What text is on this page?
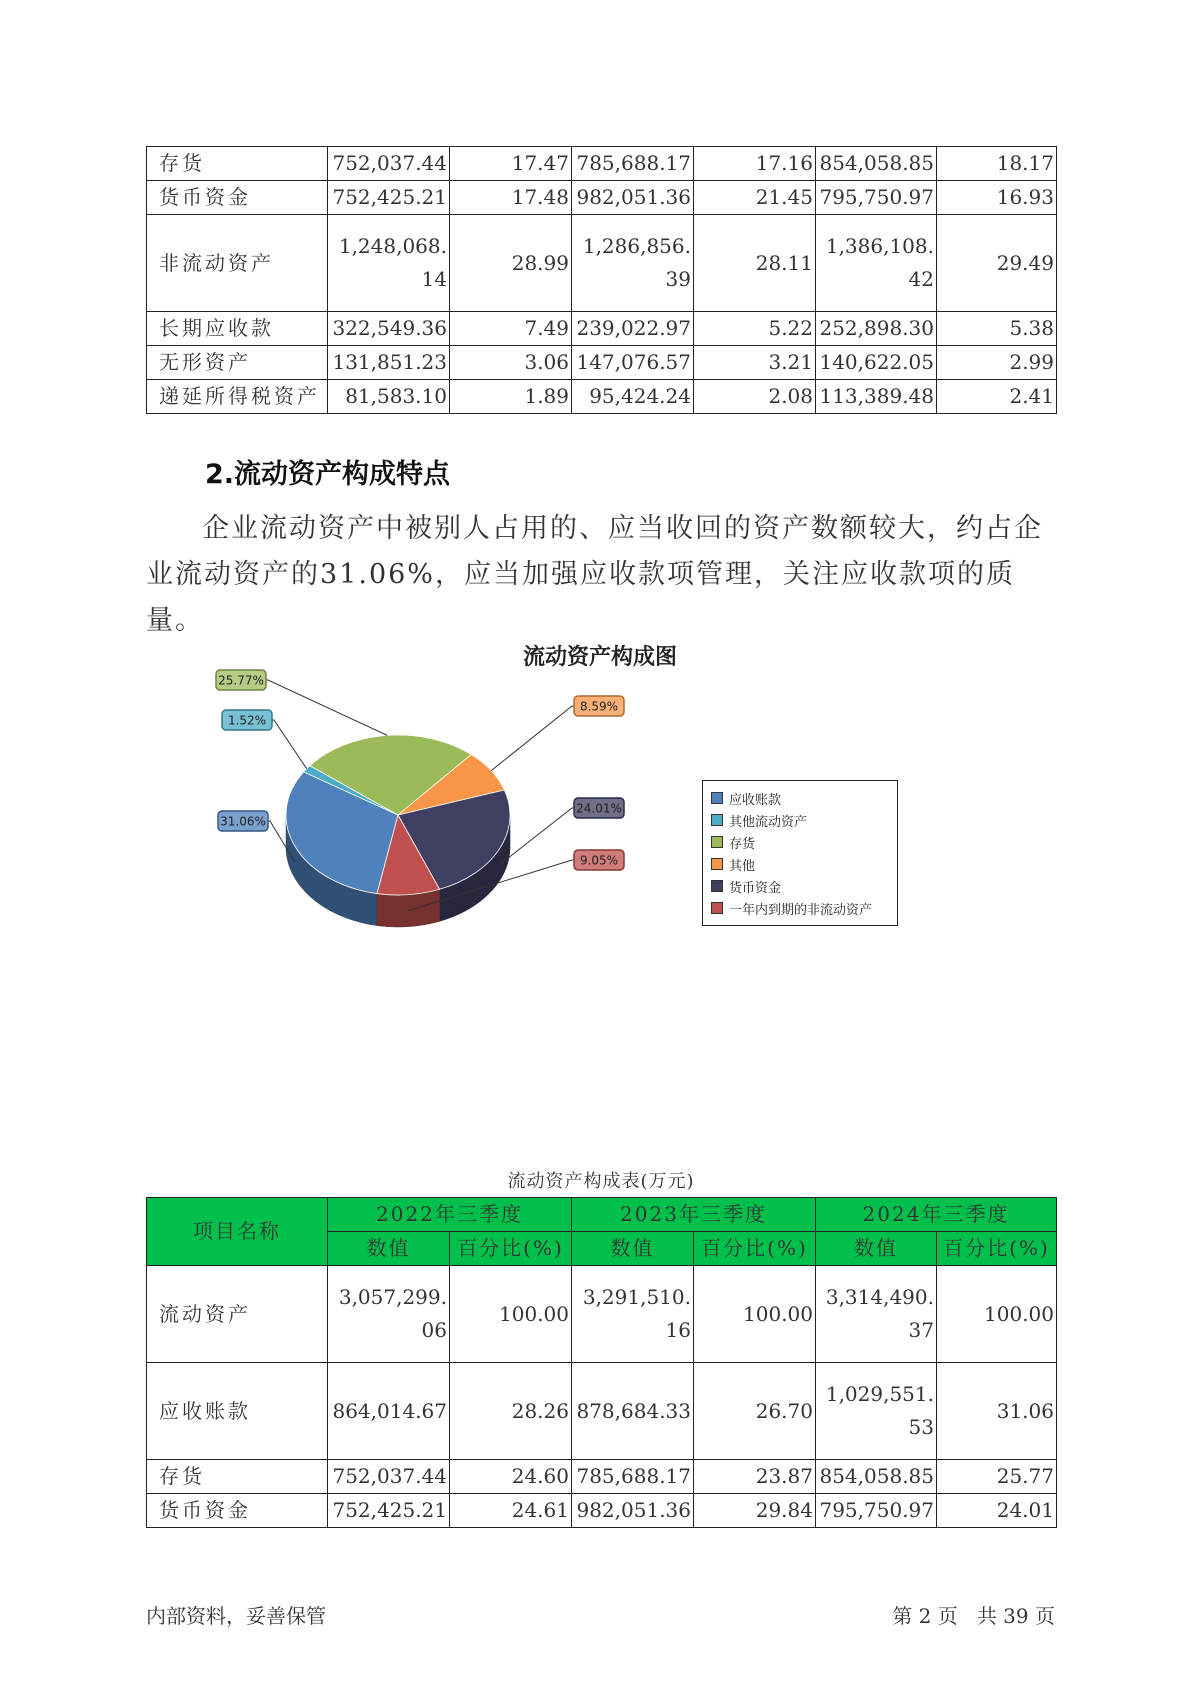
存货	752,037.44	17.47	785,688.17	17.16	854,058.85	18.17
货币资金	752,425.21	17.48	982,051.36	21.45	795,750.97	16.93
非流动资产	1,248,068.14	28.99	1,286,856.39	28.11	1,386,108.42	29.49
长期应收款	322,549.36	7.49	239,022.97	5.22	252,898.30	5.38
无形资产	131,851.23	3.06	147,076.57	3.21	140,622.05	2.99
递延所得税资产	81,583.10	1.89	95,424.24	2.08	113,389.48	2.41
2.流动资产构成特点
企业流动资产中被别人占用的、应当收回的资产数额较大，约占企业流动资产的31.06%，应当加强应收款项管理，关注应收款项的质量。
流动资产构成图
31.06%
1.52%
25.77%
8.59%
24.01%
9.05%
应收账款
其他流动资产
存货
其他
货币资金
一年内到期的非流动资产
流动资产构成表(万元)
项目名称	2022年三季度		2023年三季度		2024年三季度	
	数值	百分比(%)	数值	百分比(%)	数值	百分比(%)
流动资产	3,057,299.06	100.00	3,291,510.16	100.00	3,314,490.37	100.00
应收账款	864,014.67	28.26	878,684.33	26.70	1,029,551.53	31.06
存货	752,037.44	24.60	785,688.17	23.87	854,058.85	25.77
货币资金	752,425.21	24.61	982,051.36	29.84	795,750.97	24.01
内部资料，妥善保管	第 2 页   共 39 页
